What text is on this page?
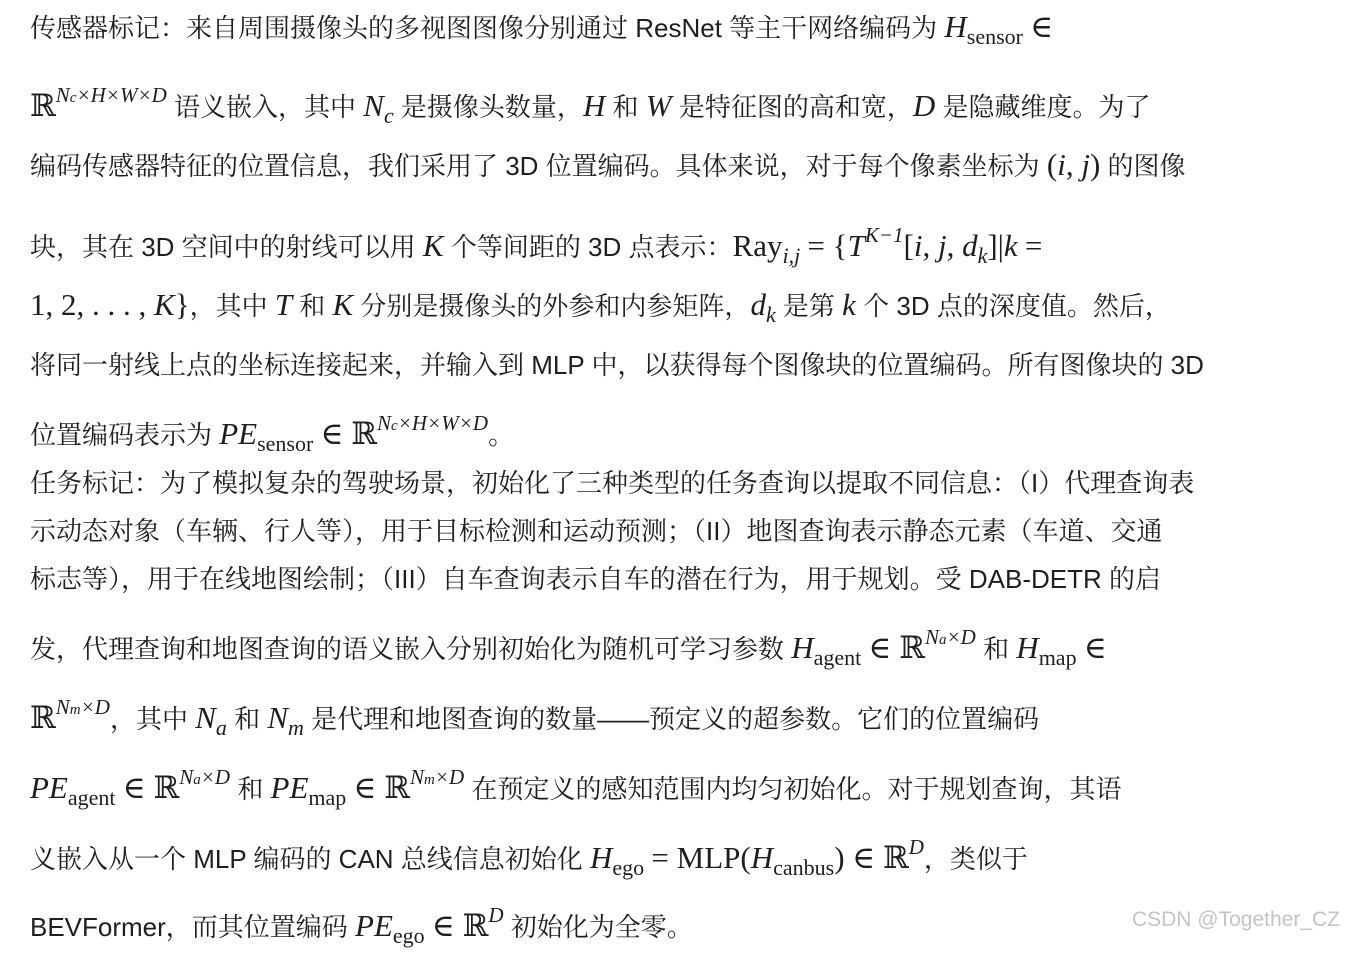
传感器标记：来自周围摄像头的多视图图像分别通过 ResNet 等主干网络编码为 $H_{sensor}$ ∈
ℝ$^{Nc\times H\times W\times D}$ 语义嵌入，其中 $N_c$ 是摄像头数量，H 和 W 是特征图的高和宽，D 是隐藏维度。为了
编码传感器特征的位置信息，我们采用了 3D 位置编码。具体来说，对于每个像素坐标为 (i, j) 的图像
块，其在 3D 空间中的射线可以用 K 个等间距的 3D 点表示：$Ray_{i,j} = \{T^{K-1}[i$, j, $d_k]|k$ =
1, 2, . . . , K}，其中 T 和 K 分别是摄像头的外参和内参矩阵，$d_k$ 是第 k 个 3D 点的深度值。然后，
将同一射线上点的坐标连接起来，并输入到 MLP 中，以获得每个图像块的位置编码。所有图像块的 3D
位置编码表示为 $PE_{sensor}$ ∈ ℝ$^{Nc\times H\times W\times D}$。
任务标记：为了模拟复杂的驾驶场景，初始化了三种类型的任务查询以提取不同信息：（I）代理查询表
示动态对象（车辆、行人等），用于目标检测和运动预测；（II）地图查询表示静态元素（车道、交通
标志等），用于在线地图绘制；（III）自车查询表示自车的潜在行为，用于规划。受 DAB-DETR 的启
发，代理查询和地图查询的语义嵌入分别初始化为随机可学习参数 $H_{agent}$ ∈ ℝ$^{Na\times D}$ 和 $H_{map}$ ∈
ℝ$^{Nm\times D}$，其中 $N_a$ 和 $N_m$ 是代理和地图查询的数量——预定义的超参数。它们的位置编码
$PE_{agent}$ ∈ ℝ$^{Na\times D}$ 和 $PE_{map}$ ∈ ℝ$^{Nm\times D}$ 在预定义的感知范围内均匀初始化。对于规划查询，其语
义嵌入从一个 MLP 编码的 CAN 总线信息初始化 $H_{ego} = MLP(H_{canbus})$ ∈ ℝ$^D$，类似于
BEVFormer，而其位置编码 $PE_{ego}$ ∈ ℝ$^D$ 初始化为全零。	CSDN @Together_CZ
